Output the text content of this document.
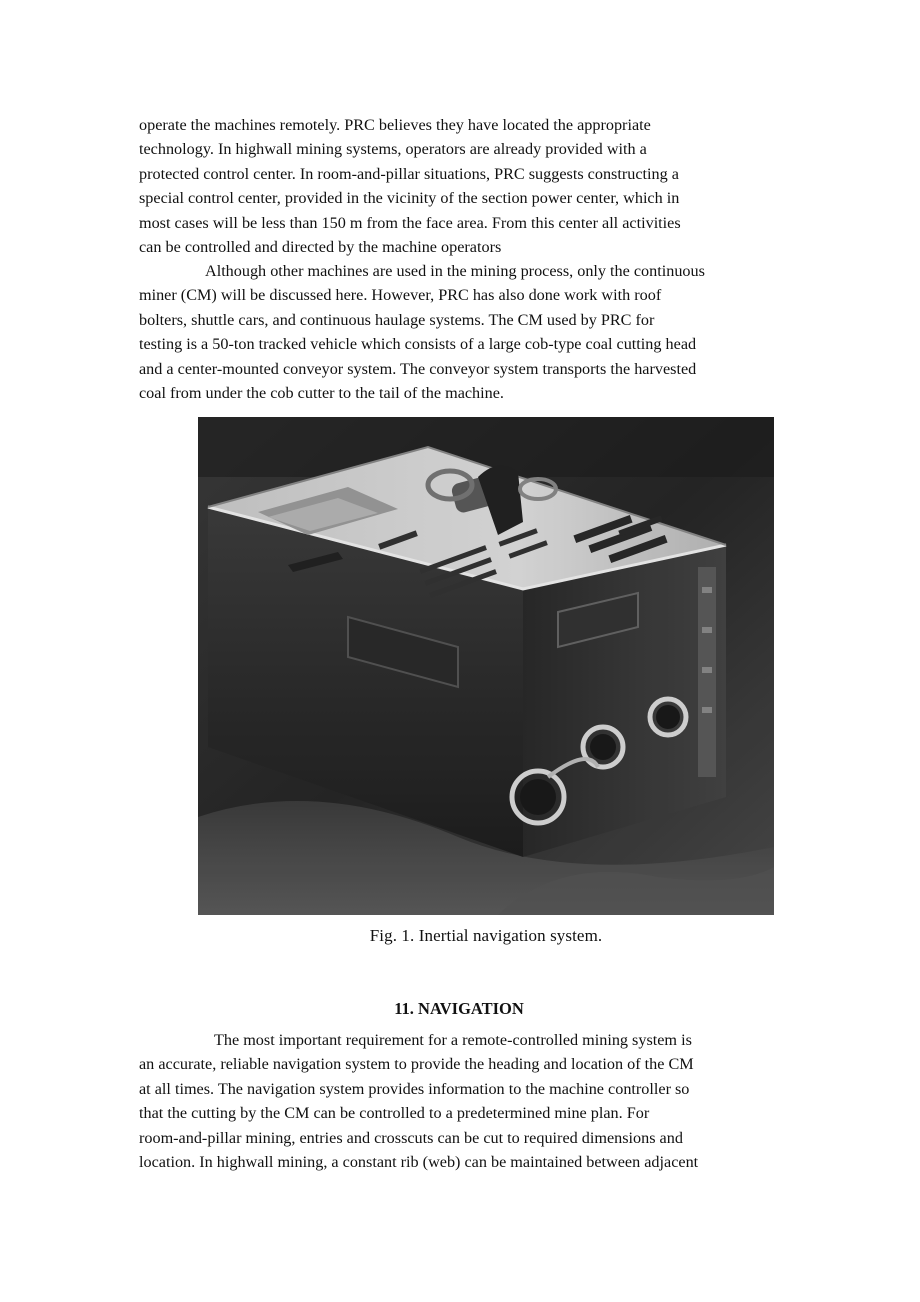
operate the machines remotely. PRC believes they have located the appropriate
technology. In highwall mining systems, operators are already provided with a
protected control center. In room-and-pillar situations, PRC suggests constructing a
special control center, provided in the vicinity of the section power center, which in
most cases will be less than 150 m from the face area. From this center all activities
can be controlled and directed by the machine operators

Although other machines are used in the mining process, only the continuous
miner (CM) will be discussed here. However, PRC has also done work with roof
bolters, shuttle cars, and continuous haulage systems. The CM used by PRC for
testing is a 50-ton tracked vehicle which consists of a large cob-type coal cutting head
and a center-mounted conveyor system. The conveyor system transports the harvested
coal from under the cob cutter to the tail of the machine.

Fig. 1. Inertial navigation system.

11. NAVIGATION

The most important requirement for a remote-controlled mining system is
an accurate, reliable navigation system to provide the heading and location of the CM
at all times. The navigation system provides information to the machine controller so
that the cutting by the CM can be controlled to a predetermined mine plan. For
room-and-pillar mining, entries and crosscuts can be cut to required dimensions and
location. In highwall mining, a constant rib (web) can be maintained between adjacent
